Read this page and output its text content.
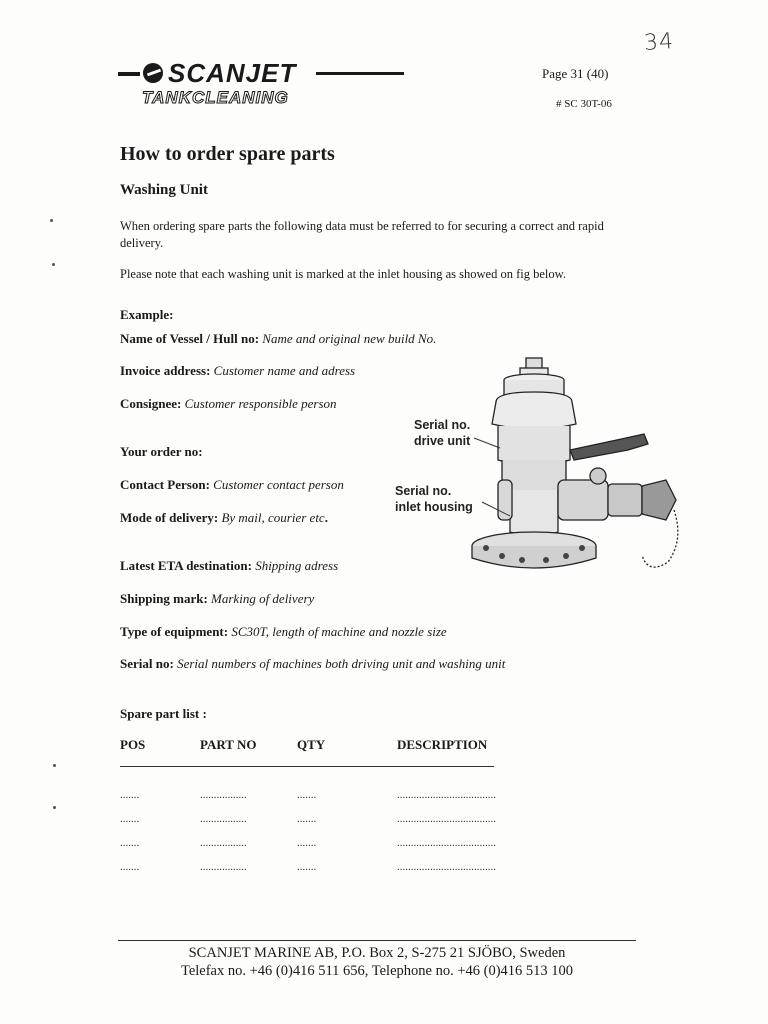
34
SCANJET
TANKCLEANING
Page 31 (40)
# SC 30T-06
How to order spare parts
Washing Unit
When ordering spare parts the following data must be referred to for securing a correct and rapid delivery.
Please note that each washing unit is marked at the inlet housing as showed on fig below.
Example:
Name of Vessel / Hull no: Name and original new build No.
Invoice address: Customer name and adress
Consignee: Customer responsible person
Your order no:
Contact Person: Customer contact person
Mode of delivery: By mail, courier etc.
Latest ETA destination: Shipping adress
Shipping mark: Marking of delivery
Type of equipment: SC30T, length of machine and nozzle size
Serial no: Serial numbers of machines both driving unit and washing unit
Serial no.
drive unit
Serial no.
inlet housing
Spare part list :
POS	PART NO	QTY	DESCRIPTION
.......	.................	.......	....................................
.......	.................	.......	....................................
.......	.................	.......	....................................
.......	.................	.......	....................................
SCANJET MARINE AB, P.O. Box 2, S-275 21 SJÖBO, Sweden
Telefax no. +46 (0)416 511 656, Telephone no. +46 (0)416 513 100
